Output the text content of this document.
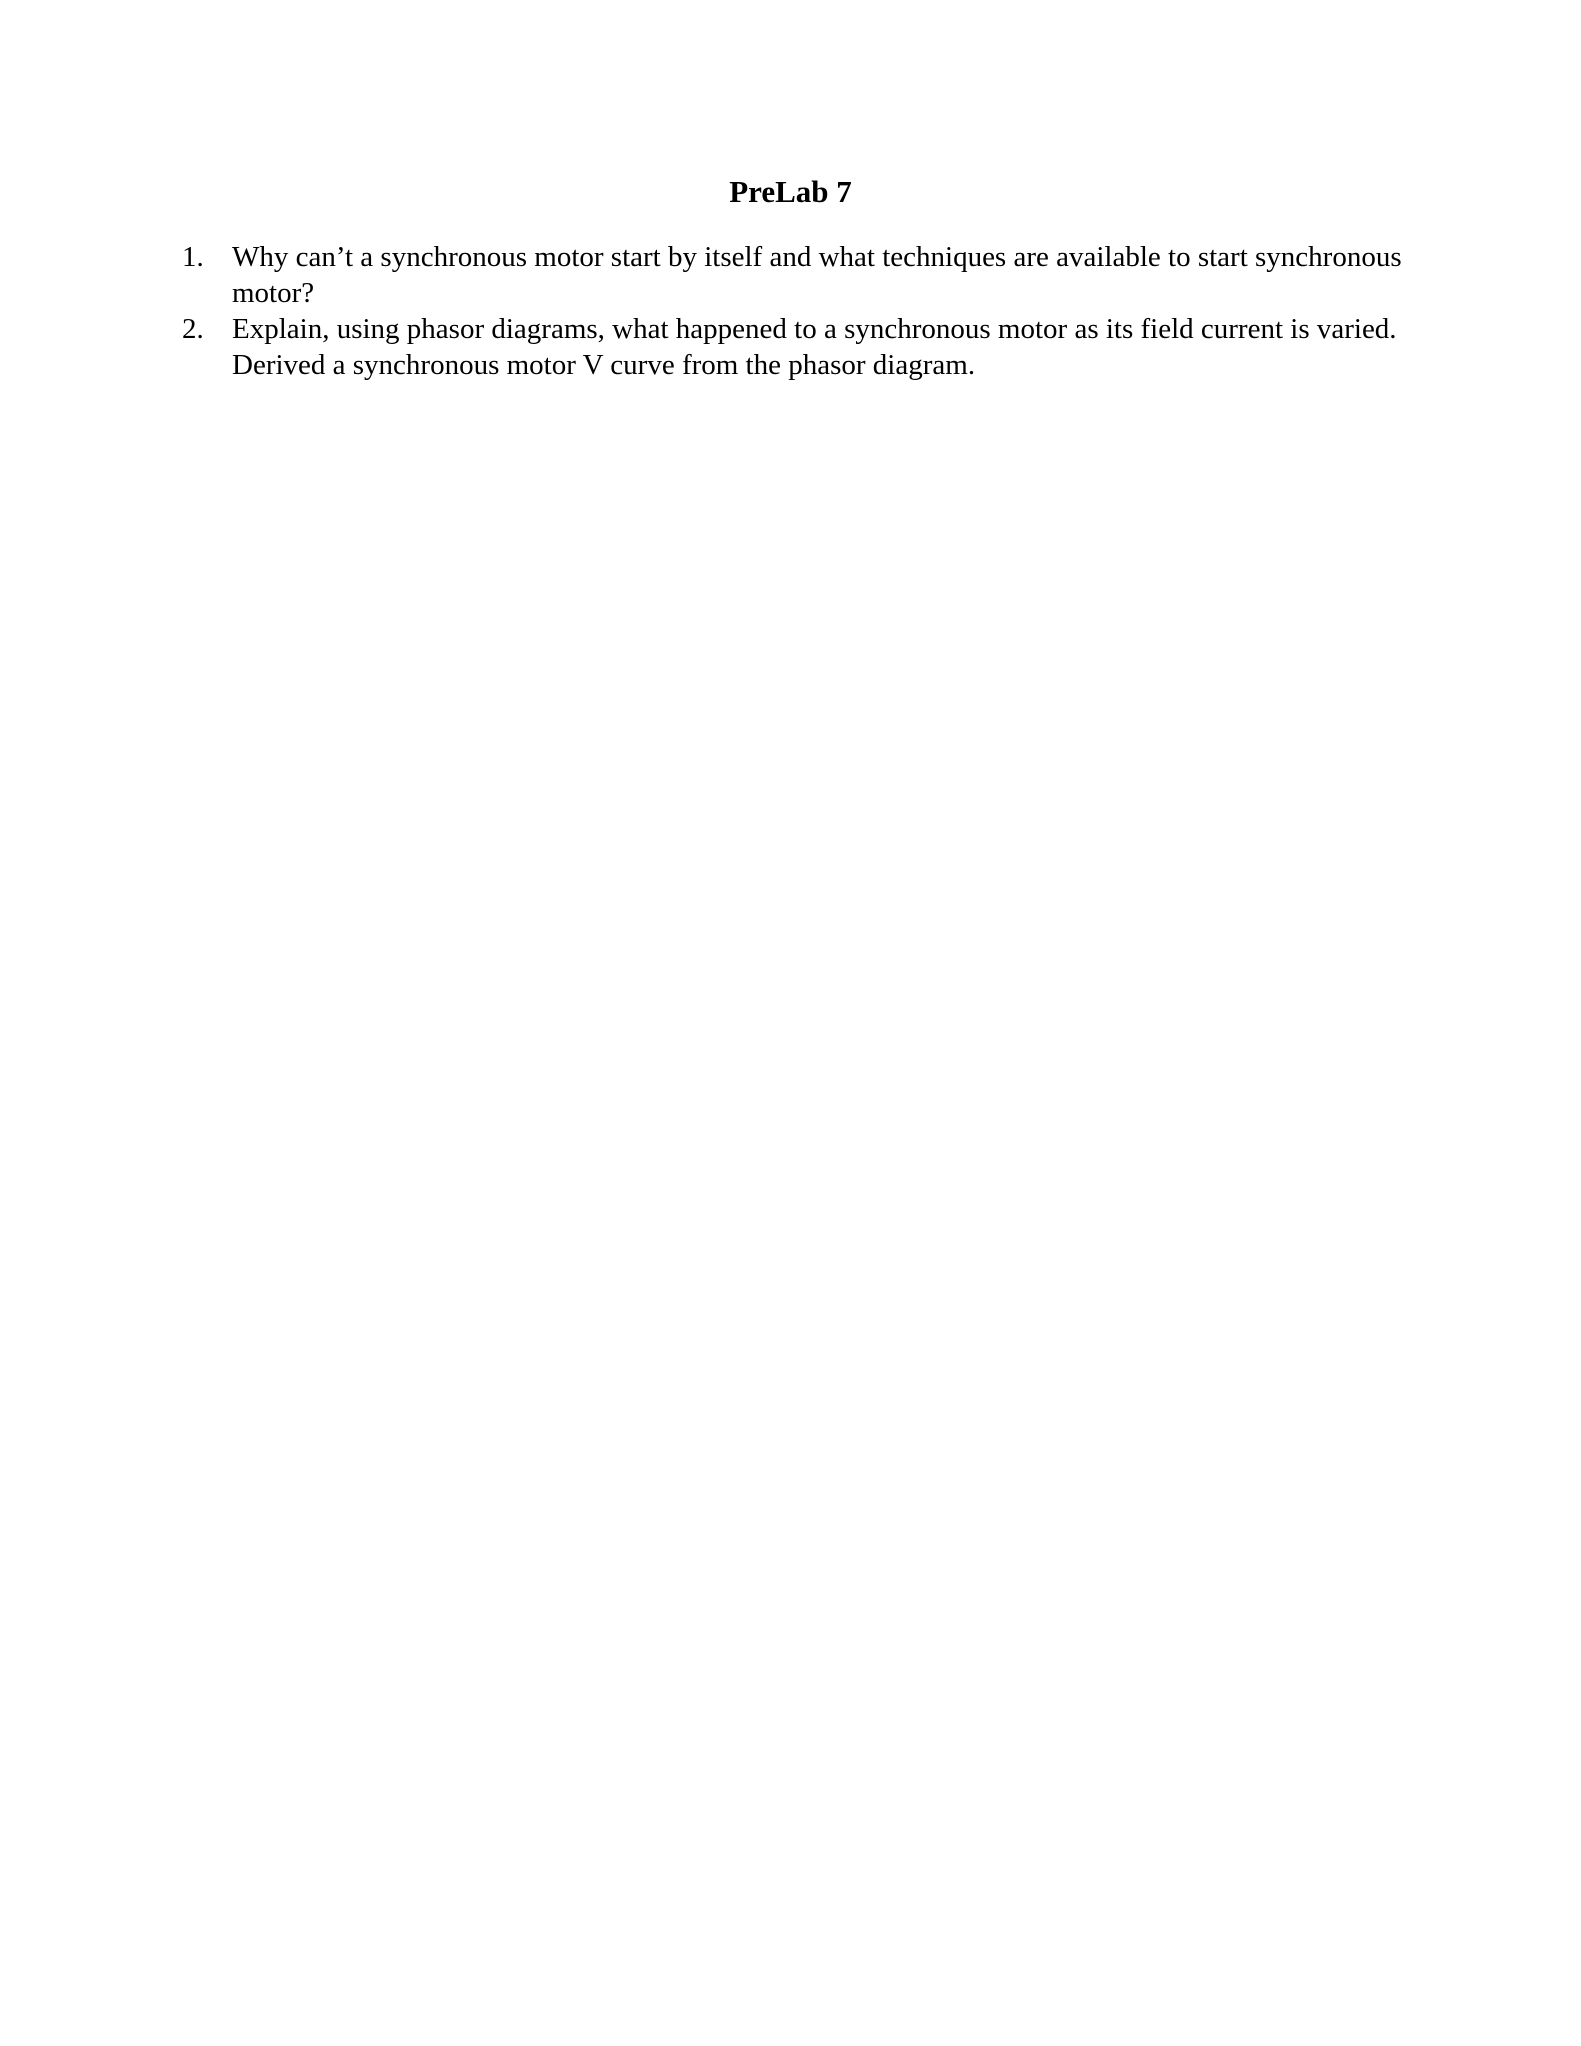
PreLab 7
1. Why can’t a synchronous motor start by itself and what techniques are available to start synchronous motor?
2. Explain, using phasor diagrams, what happened to a synchronous motor as its field current is varied. Derived a synchronous motor V curve from the phasor diagram.
